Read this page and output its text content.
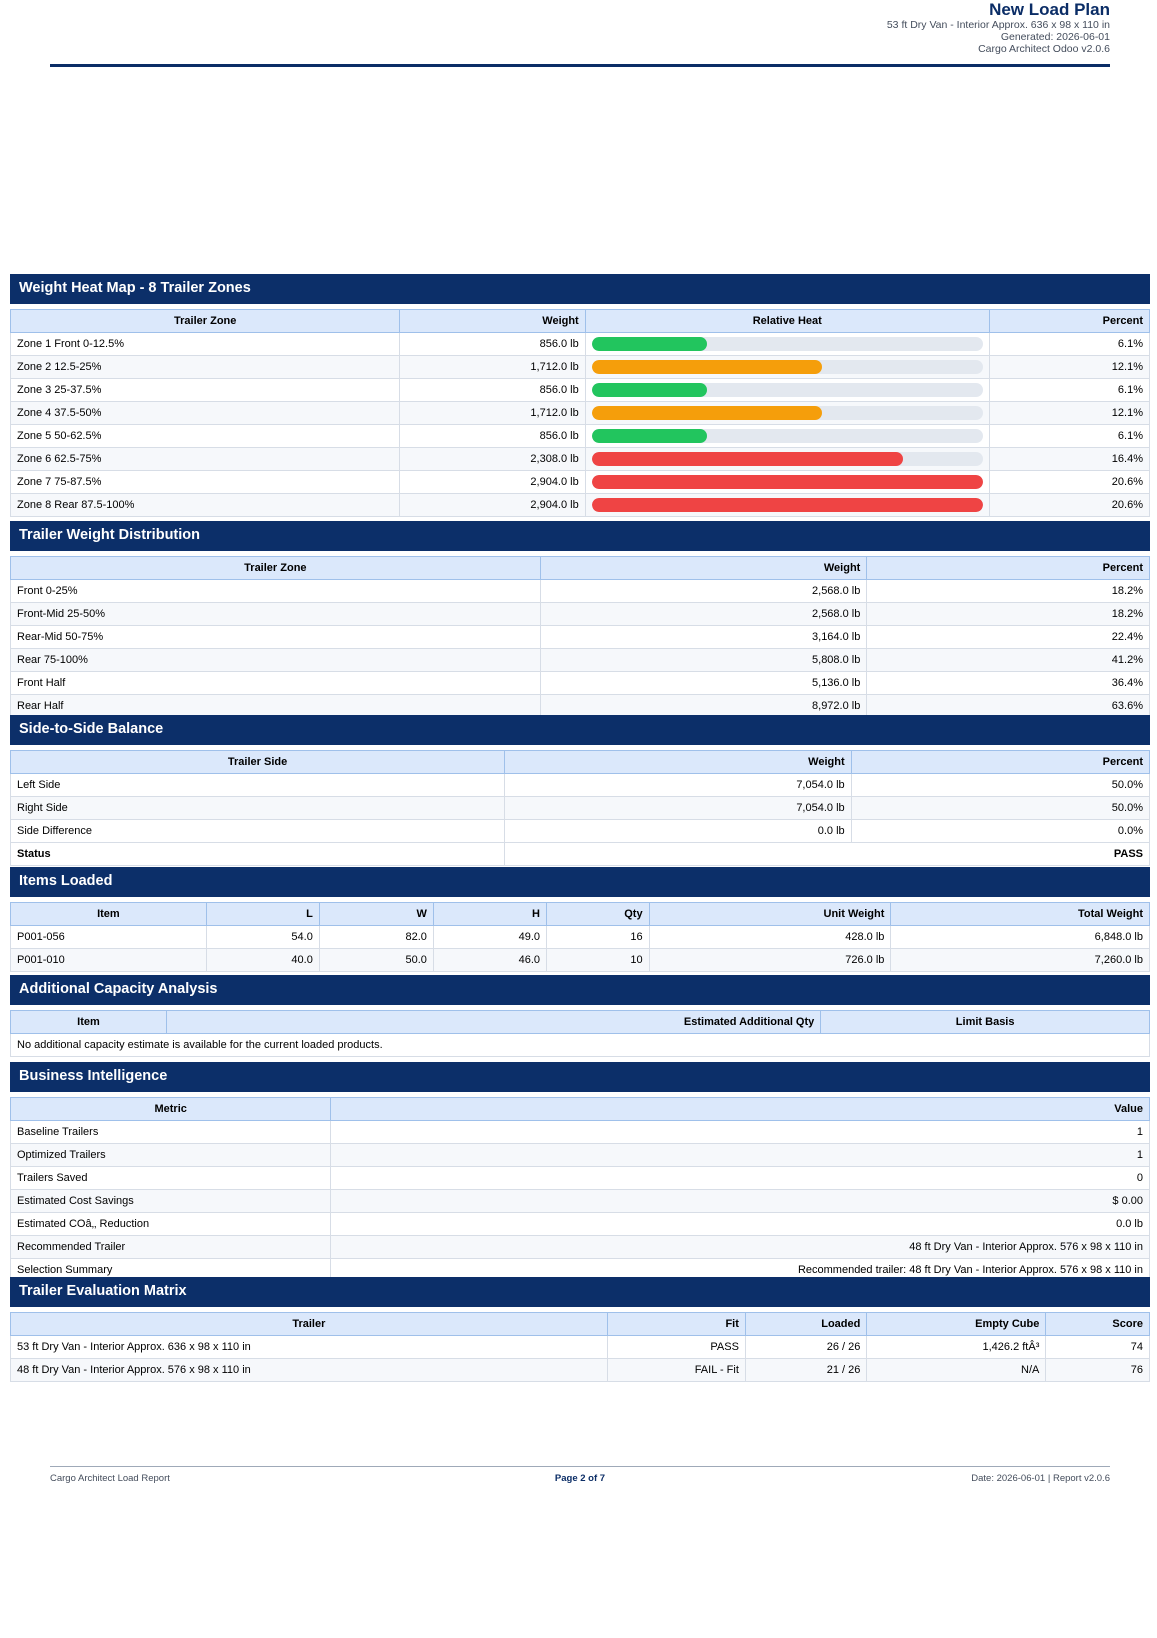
New Load Plan
53 ft Dry Van - Interior Approx. 636 x 98 x 110 in
Generated: 2026-06-01
Cargo Architect Odoo v2.0.6
Weight Heat Map - 8 Trailer Zones
Trailer Zone	Weight	Relative Heat	Percent
Zone 1 Front 0-12.5%	856.0 lb		6.1%
Zone 2 12.5-25%	1,712.0 lb		12.1%
Zone 3 25-37.5%	856.0 lb		6.1%
Zone 4 37.5-50%	1,712.0 lb		12.1%
Zone 5 50-62.5%	856.0 lb		6.1%
Zone 6 62.5-75%	2,308.0 lb		16.4%
Zone 7 75-87.5%	2,904.0 lb		20.6%
Zone 8 Rear 87.5-100%	2,904.0 lb		20.6%
Trailer Weight Distribution
Trailer Zone	Weight	Percent
Front 0-25%	2,568.0 lb	18.2%
Front-Mid 25-50%	2,568.0 lb	18.2%
Rear-Mid 50-75%	3,164.0 lb	22.4%
Rear 75-100%	5,808.0 lb	41.2%
Front Half	5,136.0 lb	36.4%
Rear Half	8,972.0 lb	63.6%
Side-to-Side Balance
Trailer Side	Weight	Percent
Left Side	7,054.0 lb	50.0%
Right Side	7,054.0 lb	50.0%
Side Difference	0.0 lb	0.0%
Status	PASS	
Items Loaded
Item	L	W	H	Qty	Unit Weight	Total Weight
P001-056	54.0	82.0	49.0	16	428.0 lb	6,848.0 lb
P001-010	40.0	50.0	46.0	10	726.0 lb	7,260.0 lb
Additional Capacity Analysis
Item	Estimated Additional Qty	Limit Basis
No additional capacity estimate is available for the current loaded products.
Business Intelligence
Metric	Value
Baseline Trailers	1
Optimized Trailers	1
Trailers Saved	0
Estimated Cost Savings	$ 0.00
Estimated COâ‚‚ Reduction	0.0 lb
Recommended Trailer	48 ft Dry Van - Interior Approx. 576 x 98 x 110 in
Selection Summary	Recommended trailer: 48 ft Dry Van - Interior Approx. 576 x 98 x 110 in
Trailer Evaluation Matrix
Trailer	Fit	Loaded	Empty Cube	Score
53 ft Dry Van - Interior Approx. 636 x 98 x 110 in	PASS	26 / 26	1,426.2 ftÂ³	74
48 ft Dry Van - Interior Approx. 576 x 98 x 110 in	FAIL - Fit	21 / 26	N/A	76
Cargo Architect Load Report	Page 2 of 7	Date: 2026-06-01 | Report v2.0.6
